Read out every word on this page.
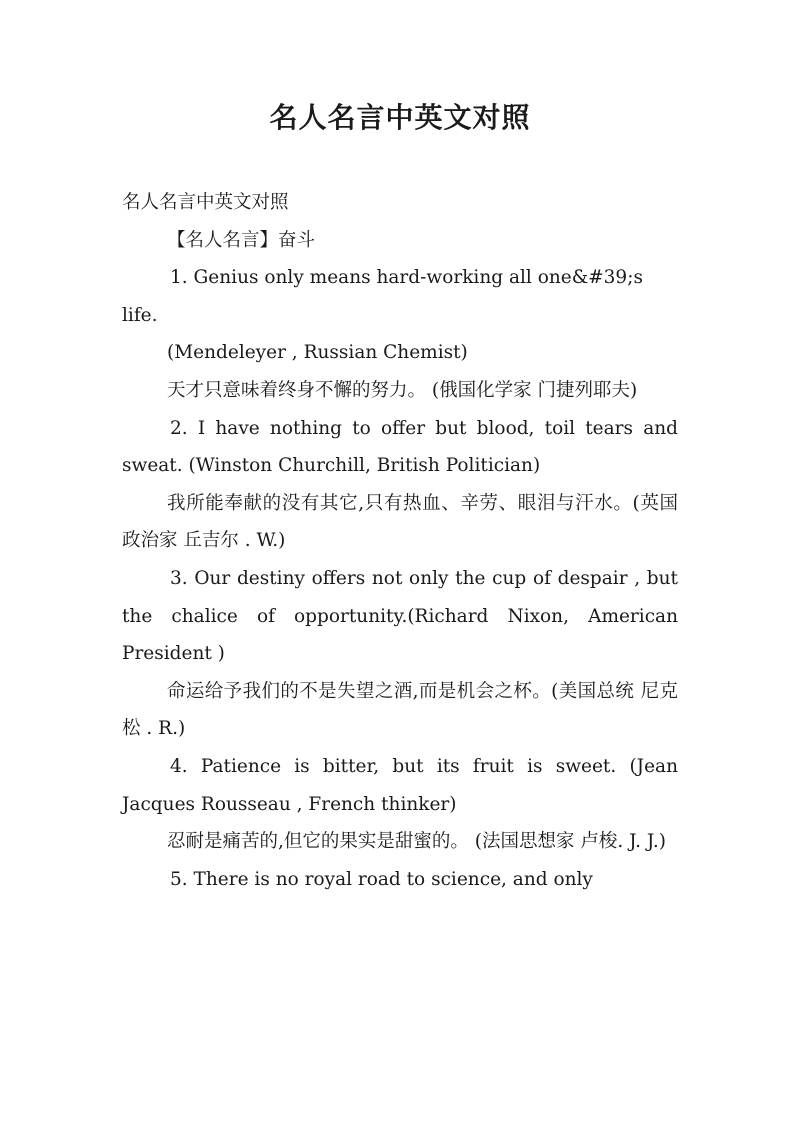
名人名言中英文对照

名人名言中英文对照

【名人名言】奋斗

1. Genius only means hard-working all one&#39;s life.

(Mendeleyer , Russian Chemist)

天才只意味着终身不懈的努力。 (俄国化学家 门捷列耶夫)

2. I have nothing to offer but blood, toil tears and sweat. (Winston Churchill, British Politician)

我所能奉献的没有其它,只有热血、辛劳、眼泪与汗水。(英国政治家 丘吉尔 . W.)

3. Our destiny offers not only the cup of despair , but the chalice of opportunity.(Richard Nixon, American President )

命运给予我们的不是失望之酒,而是机会之杯。(美国总统 尼克松 . R.)

4. Patience is bitter, but its fruit is sweet. (Jean Jacques Rousseau , French thinker)

忍耐是痛苦的,但它的果实是甜蜜的。 (法国思想家 卢梭. J. J.)

5. There is no royal road to science, and only
